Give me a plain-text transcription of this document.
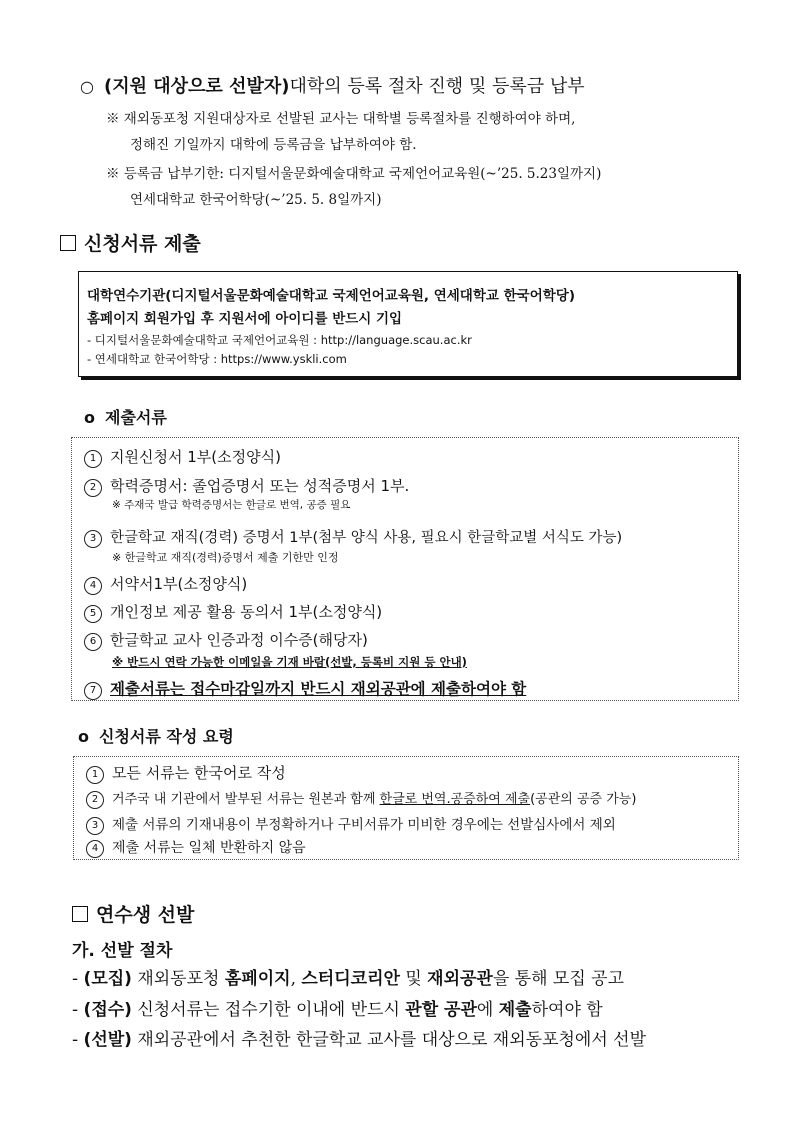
○ (지원 대상으로 선발자)대학의 등록 절차 진행 및 등록금 납부
※ 재외동포청 지원대상자로 선발된 교사는 대학별 등록절차를 진행하여야 하며,
정해진 기일까지 대학에 등록금을 납부하여야 함.
※ 등록금 납부기한: 디지털서울문화예술대학교 국제언어교육원(~’25. 5.23일까지)
연세대학교 한국어학당(~’25. 5. 8일까지)
신청서류 제출
대학연수기관(디지털서울문화예술대학교 국제언어교육원, 연세대학교 한국어학당)
홈페이지 회원가입 후 지원서에 아이디를 반드시 기입
- 디지털서울문화예술대학교 국제언어교육원 : http://language.scau.ac.kr
- 연세대학교 한국어학당 : https://www.yskli.com
o 제출서류
1 지원신청서 1부(소정양식)
2 학력증명서: 졸업증명서 또는 성적증명서 1부.
※ 주재국 발급 학력증명서는 한글로 번역, 공증 필요
3 한글학교 재직(경력) 증명서 1부(첨부 양식 사용, 필요시 한글학교별 서식도 가능)
※ 한글학교 재직(경력)증명서 제출 기한만 인정
4 서약서1부(소정양식)
5 개인정보 제공 활용 동의서 1부(소정양식)
6 한글학교 교사 인증과정 이수증(해당자)
※ 반드시 연락 가능한 이메일을 기재 바람(선발, 등록비 지원 등 안내)
7 제출서류는 접수마감일까지 반드시 재외공관에 제출하여야 함
o 신청서류 작성 요령
1 모든 서류는 한국어로 작성
2 거주국 내 기관에서 발부된 서류는 원본과 함께 한글로 번역.공증하여 제출(공관의 공증 가능)
3 제출 서류의 기재내용이 부정확하거나 구비서류가 미비한 경우에는 선발심사에서 제외
4 제출 서류는 일체 반환하지 않음
연수생 선발
가. 선발 절차
- (모집) 재외동포청 홈페이지, 스터디코리안 및 재외공관을 통해 모집 공고
- (접수) 신청서류는 접수기한 이내에 반드시 관할 공관에 제출하여야 함
- (선발) 재외공관에서 추천한 한글학교 교사를 대상으로 재외동포청에서 선발
